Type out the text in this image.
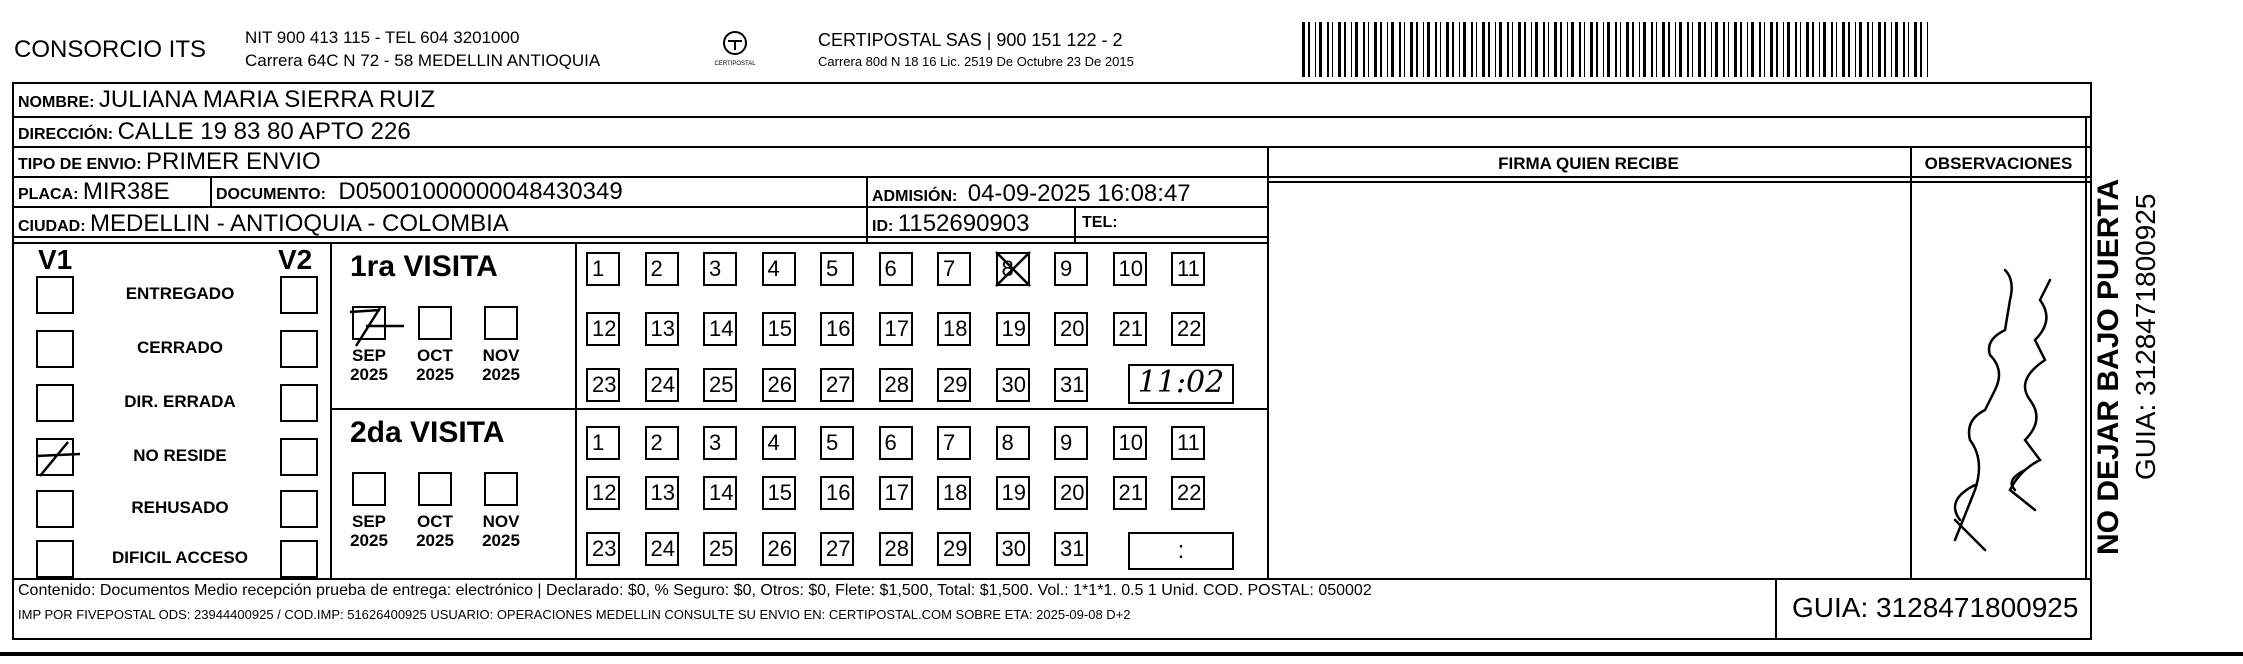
CONSORCIO ITS NIT 900 413 115 - TEL 604 3201000
Carrera 64C N 72 - 58 MEDELLIN ANTIOQUIA	CERTIPOSTAL
CERTIPOSTAL SAS | 900 151 122 - 2
Carrera 80d N 18 16 Lic. 2519 De Octubre 23 De 2015
NOMBRE: JULIANA MARIA SIERRA RUIZ
DIRECCIÓN: CALLE 19 83 80 APTO 226
TIPO DE ENVIO: PRIMER ENVIO	FIRMA QUIEN RECIBE	OBSERVACIONES
PLACA: MIR38E	DOCUMENTO: D05001000000048430349	ADMISIÓN: 04-09-2025 16:08:47
CIUDAD: MEDELLIN - ANTIOQUIA - COLOMBIA	ID: 1152690903	TEL:
V1	V2 1ra VISITA
11:02
2da VISITA
:	NO DEJAR BAJO PUERTA GUIA: 3128471800925
Contenido: Documentos Medio recepción prueba de entrega: electrónico | Declarado: $0, % Seguro: $0, Otros: $0, Flete: $1,500, Total: $1,500. Vol.: 1*1*1. 0.5 1 Unid. COD. POSTAL: 050002
IMP POR FIVEPOSTAL ODS: 23944400925 / COD.IMP: 51626400925 USUARIO: OPERACIONES MEDELLIN CONSULTE SU ENVIO EN: CERTIPOSTAL.COM SOBRE ETA: 2025-09-08 D+2	GUIA: 3128471800925
ENTREGADO
CERRADO
DIR. ERRADA
NO RESIDE
REHUSADO
DIFICIL ACCESO
SEP
2025
OCT
2025
NOV
2025
SEP
2025
OCT
2025
NOV
2025
1	2	3	4	5	6	7	8	9	10 11
12 13 14 15 16 17 18 19 20 21 22
23 24 25 26 27 28 29 30 31
1	2	3	4	5	6	7	8	9	10 11
12 13 14 15 16 17 18 19 20 21 22
23 24 25 26 27 28 29 30 31
